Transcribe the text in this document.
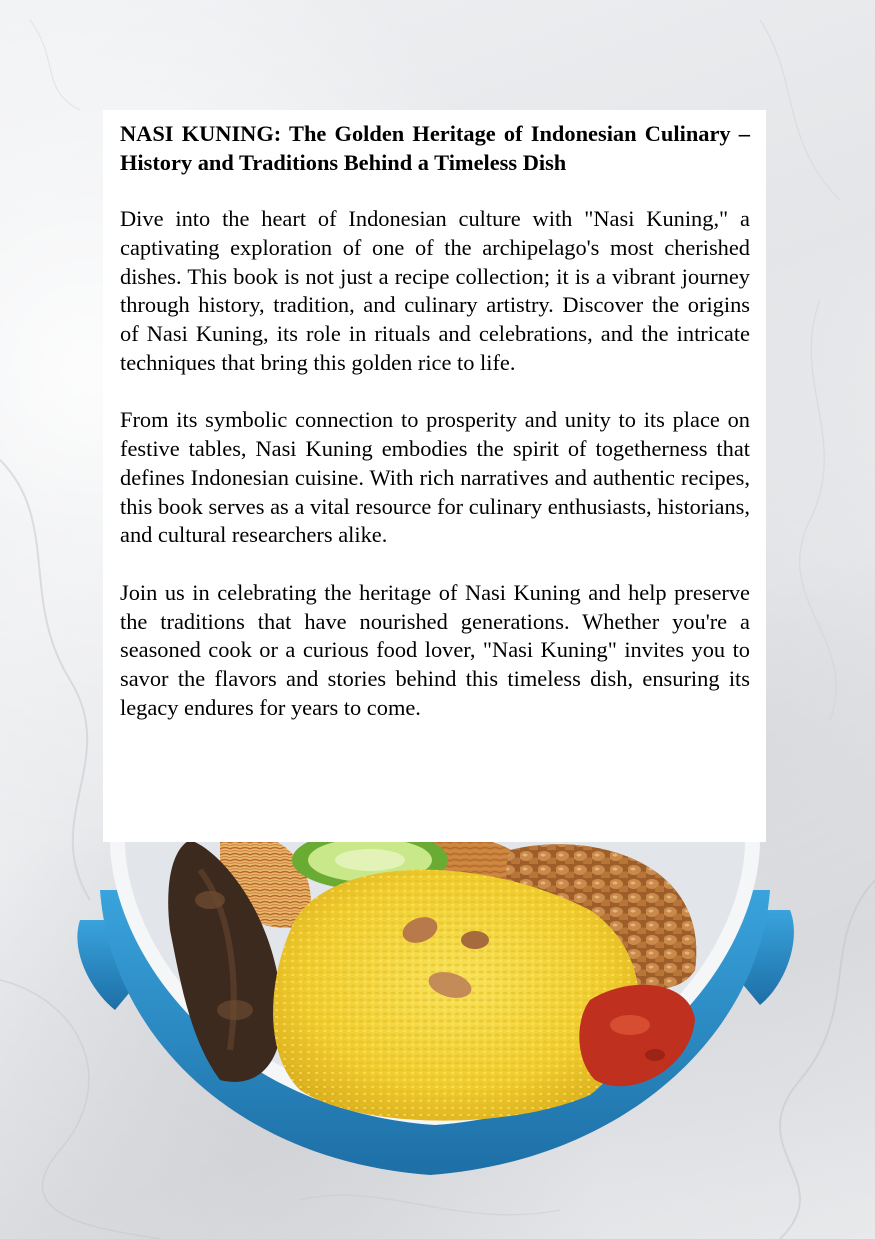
NASI KUNING: The Golden Heritage of Indonesian Culinary – History and Traditions Behind a Timeless Dish

Dive into the heart of Indonesian culture with "Nasi Kuning," a captivating exploration of one of the archipelago's most cherished dishes. This book is not just a recipe collection; it is a vibrant journey through history, tradition, and culinary artistry. Discover the origins of Nasi Kuning, its role in rituals and celebrations, and the intricate techniques that bring this golden rice to life.

From its symbolic connection to prosperity and unity to its place on festive tables, Nasi Kuning embodies the spirit of togetherness that defines Indonesian cuisine. With rich narratives and authentic recipes, this book serves as a vital resource for culinary enthusiasts, historians, and cultural researchers alike.

Join us in celebrating the heritage of Nasi Kuning and help preserve the traditions that have nourished generations. Whether you're a seasoned cook or a curious food lover, "Nasi Kuning" invites you to savor the flavors and stories behind this timeless dish, ensuring its legacy endures for years to come.
